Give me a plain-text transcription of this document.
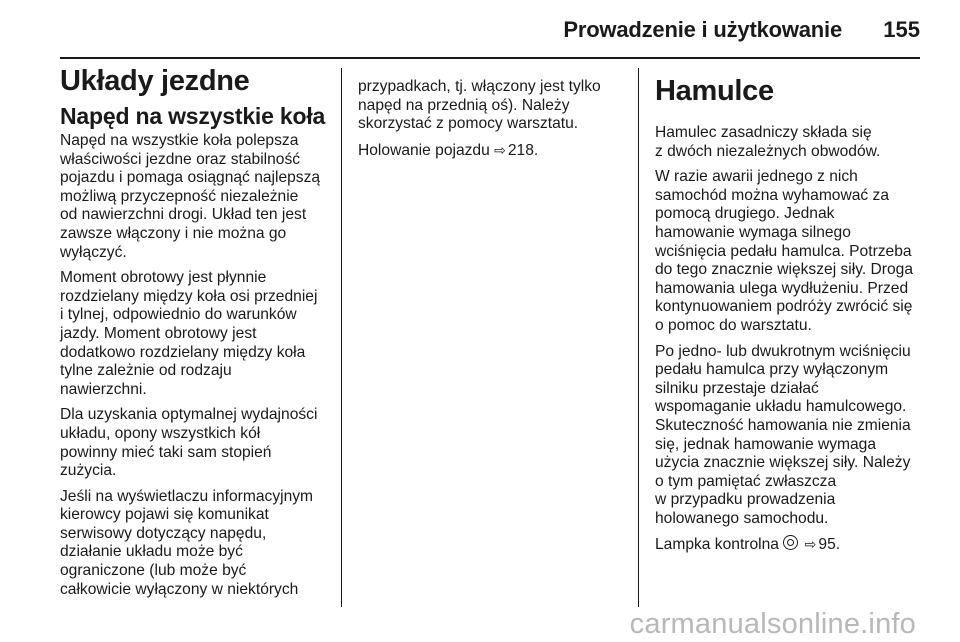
Prowadzenie i użytkowanie 155
Układy jezdne
Napęd na wszystkie koła

Napęd na wszystkie koła polepsza
właściwości jezdne oraz stabilność
pojazdu i pomaga osiągnąć najlepszą
możliwą przyczepność niezależnie
od nawierzchni drogi. Układ ten jest
zawsze włączony i nie można go
wyłączyć.

Moment obrotowy jest płynnie
rozdzielany między koła osi przedniej
i tylnej, odpowiednio do warunków
jazdy. Moment obrotowy jest
dodatkowo rozdzielany między koła
tylne zależnie od rodzaju
nawierzchni.

Dla uzyskania optymalnej wydajności
układu, opony wszystkich kół
powinny mieć taki sam stopień
zużycia.

Jeśli na wyświetlaczu informacyjnym
kierowcy pojawi się komunikat
serwisowy dotyczący napędu,
działanie układu może być
ograniczone (lub może być
całkowicie wyłączony w niektórych

przypadkach, tj. włączony jest tylko
napęd na przednią oś). Należy
skorzystać z pomocy warsztatu.

Holowanie pojazdu ⇨ 218.

Hamulce

Hamulec zasadniczy składa się
z dwóch niezależnych obwodów.

W razie awarii jednego z nich
samochód można wyhamować za
pomocą drugiego. Jednak
hamowanie wymaga silnego
wciśnięcia pedału hamulca. Potrzeba
do tego znacznie większej siły. Droga
hamowania ulega wydłużeniu. Przed
kontynuowaniem podróży zwrócić się
o pomoc do warsztatu.

Po jedno- lub dwukrotnym wciśnięciu
pedału hamulca przy wyłączonym
silniku przestaje działać
wspomaganie układu hamulcowego.
Skuteczność hamowania nie zmienia
się, jednak hamowanie wymaga
użycia znacznie większej siły. Należy
o tym pamiętać zwłaszcza
w przypadku prowadzenia
holowanego samochodu.

Lampka kontrolna ⇨ 95.

carmanualsonline.info
